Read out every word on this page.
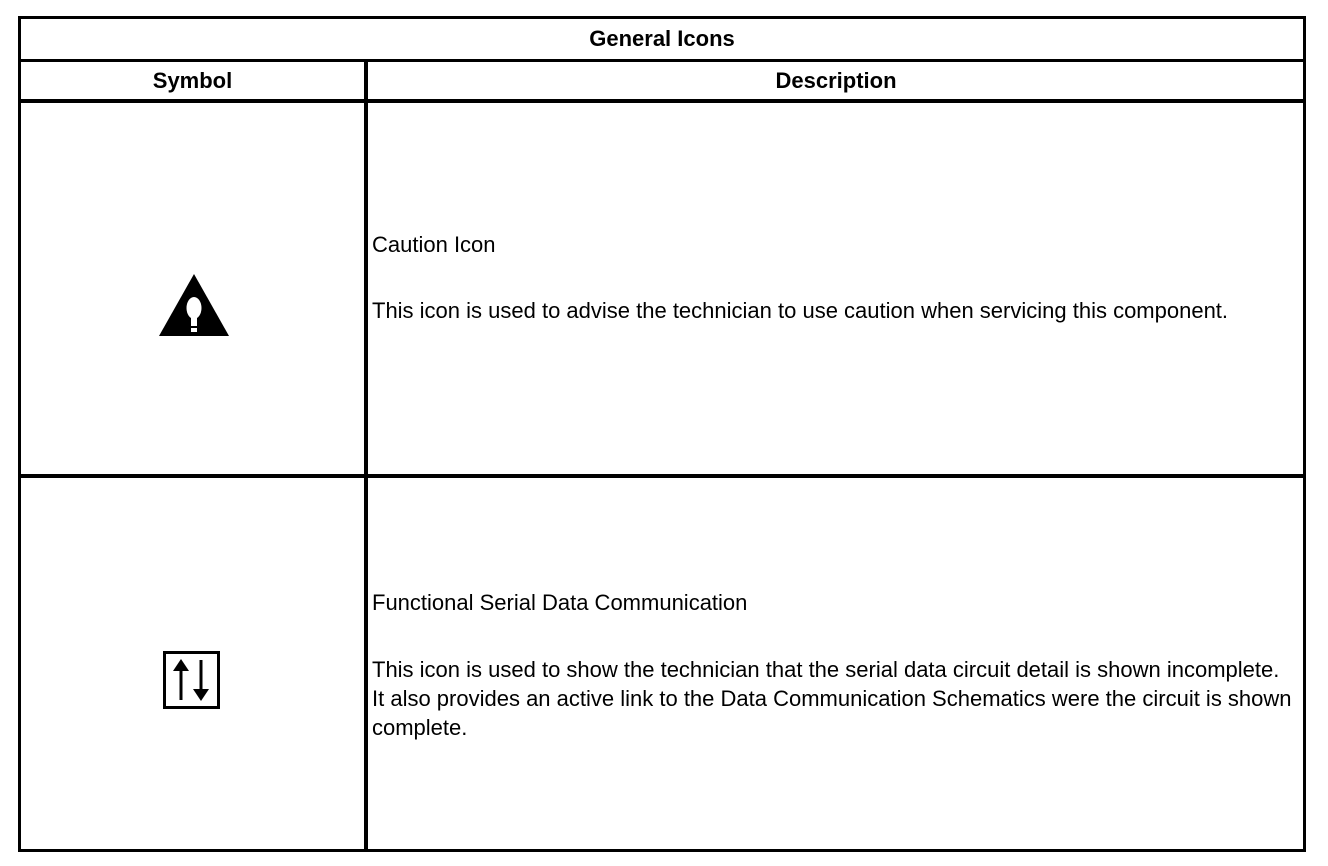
General Icons
Symbol	Description
Caution Icon
This icon is used to advise the technician to use caution when servicing this component.
Functional Serial Data Communication
This icon is used to show the technician that the serial data circuit detail is shown incomplete. It also provides an active link to the Data Communication Schematics were the circuit is shown complete.
